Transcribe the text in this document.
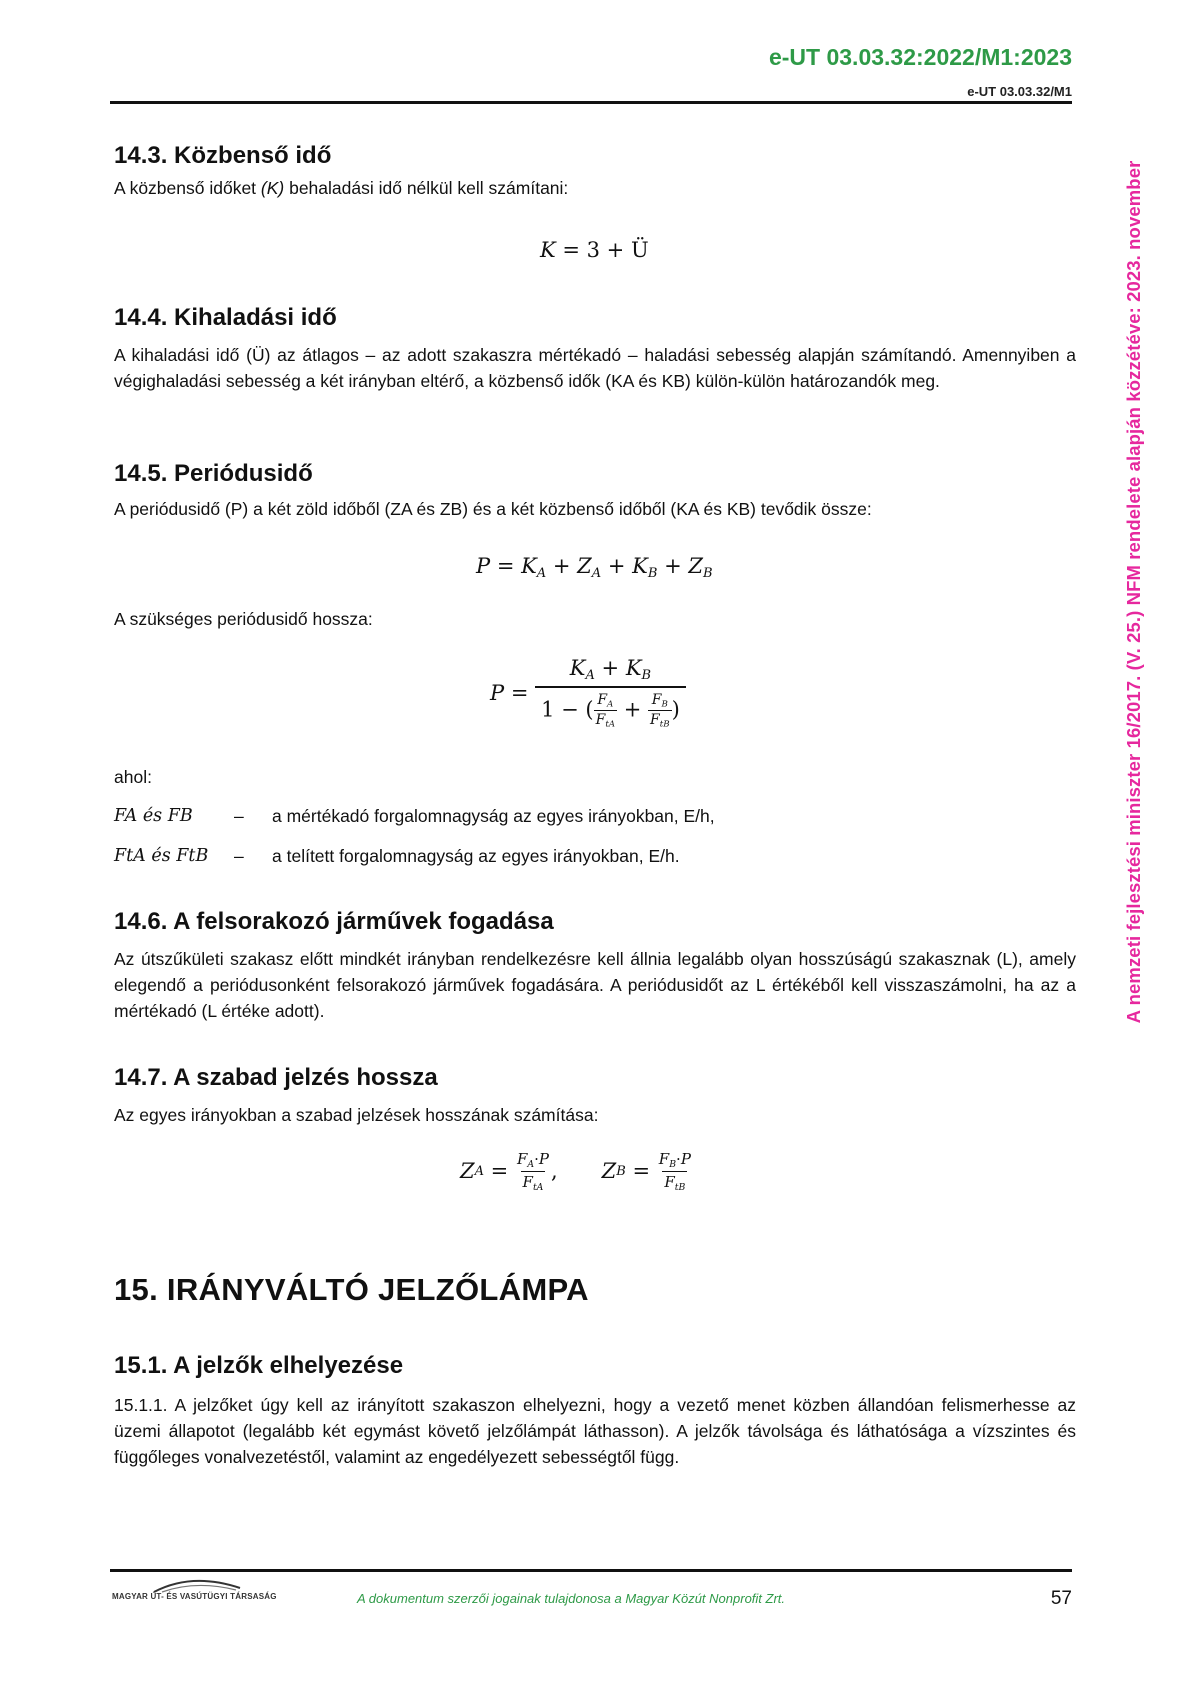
e-UT 03.03.32:2022/M1:2023
e-UT 03.03.32/M1
A nemzeti fejlesztési miniszter 16/2017. (V. 25.) NFM rendelete alapján közzétéve: 2023. november
14.3. Közbenső idő

A közbenső időket (K) behaladási idő nélkül kell számítani:

K = 3 + Ü
14.4. Kihaladási idő

A kihaladási idő (Ü) az átlagos – az adott szakaszra mértékadó – haladási sebesség alapján számítandó. Amennyiben a végighaladási sebesség a két irányban eltérő, a közbenső idők (KA és KB) külön-külön határozandók meg.

14.5. Periódusidő

A periódusidő (P) a két zöld időből (ZA és ZB) és a két közbenső időből (KA és KB) tevődik össze:

$P = K_A + Z_A + K_B + Z_B$

A szükséges periódusidő hossza:

$P = \frac{K_A + K_B}{1 - ( \frac{F_A}{F_{tA}} + \frac{F_B}{F_{tB}} )}$

ahol:

FA és FB	–	a mértékadó forgalomnagyság az egyes irányokban, E/h,
FtA és FtB	–	a telített forgalomnagyság az egyes irányokban, E/h.
14.6. A felsorakozó járművek fogadása

Az útszűkületi szakasz előtt mindkét irányban rendelkezésre kell állnia legalább olyan hosszúságú szakasznak (L), amely elegendő a periódusonként felsorakozó járművek fogadására. A periódusidőt az L értékéből kell visszaszámolni, ha az a mértékadó (L értéke adott).

14.7. A szabad jelzés hossza

Az egyes irányokban a szabad jelzések hosszának számítása:

Z $A = \frac{F_A\cdot P}{F_{tA}}$ , Z $B = \frac{F_B\cdot P}{F_{tB}}$
15. IRÁNYVÁLTÓ JELZŐLÁMPA
15.1. A jelzők elhelyezése

15.1.1. A jelzőket úgy kell az irányított szakaszon elhelyezni, hogy a vezető menet közben állandóan felismerhesse az üzemi állapotot (legalább két egymást követő jelzőlámpát láthasson). A jelzők távolsága és láthatósága a vízszintes és függőleges vonalvezetéstől, valamint az engedélyezett sebességtől függ.

MAGYAR ÚT- ÉS VASÚTÜGYI TÁRSASÁG	A dokumentum szerzői jogainak tulajdonosa a Magyar Közút Nonprofit Zrt.	57
